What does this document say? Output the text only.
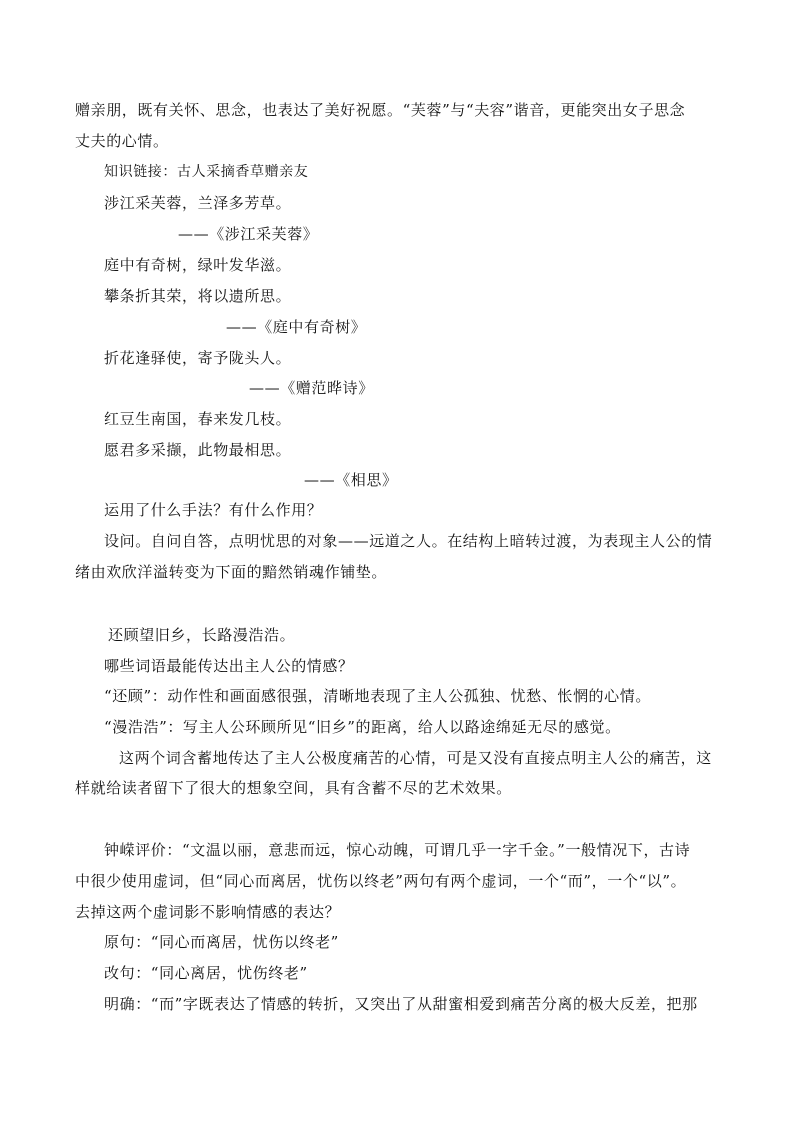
赠亲朋，既有关怀、思念，也表达了美好祝愿。“芙蓉”与“夫容”谐音，更能突出女子思念
丈夫的心情。
知识链接：古人采摘香草赠亲友
涉江采芙蓉，兰泽多芳草。
——《涉江采芙蓉》
庭中有奇树，绿叶发华滋。
攀条折其荣，将以遗所思。
——《庭中有奇树》
折花逢驿使，寄予陇头人。
——《赠范晔诗》
红豆生南国，春来发几枝。
愿君多采撷，此物最相思。
——《相思》
运用了什么手法？有什么作用？
设问。自问自答，点明忧思的对象——远道之人。在结构上暗转过渡，为表现主人公的情
绪由欢欣洋溢转变为下面的黯然销魂作铺垫。
还顾望旧乡，长路漫浩浩。
哪些词语最能传达出主人公的情感？
“还顾”：动作性和画面感很强，清晰地表现了主人公孤独、忧愁、怅惘的心情。
“漫浩浩”：写主人公环顾所见“旧乡”的距离，给人以路途绵延无尽的感觉。
这两个词含蓄地传达了主人公极度痛苦的心情，可是又没有直接点明主人公的痛苦，这
样就给读者留下了很大的想象空间，具有含蓄不尽的艺术效果。
钟嵘评价：“文温以丽，意悲而远，惊心动魄，可谓几乎一字千金。”一般情况下，古诗
中很少使用虚词，但“同心而离居，忧伤以终老”两句有两个虚词，一个“而”，一个“以”。
去掉这两个虚词影不影响情感的表达？
原句：“同心而离居，忧伤以终老”
改句：“同心离居，忧伤终老”
明确：“而”字既表达了情感的转折，又突出了从甜蜜相爱到痛苦分离的极大反差，把那
